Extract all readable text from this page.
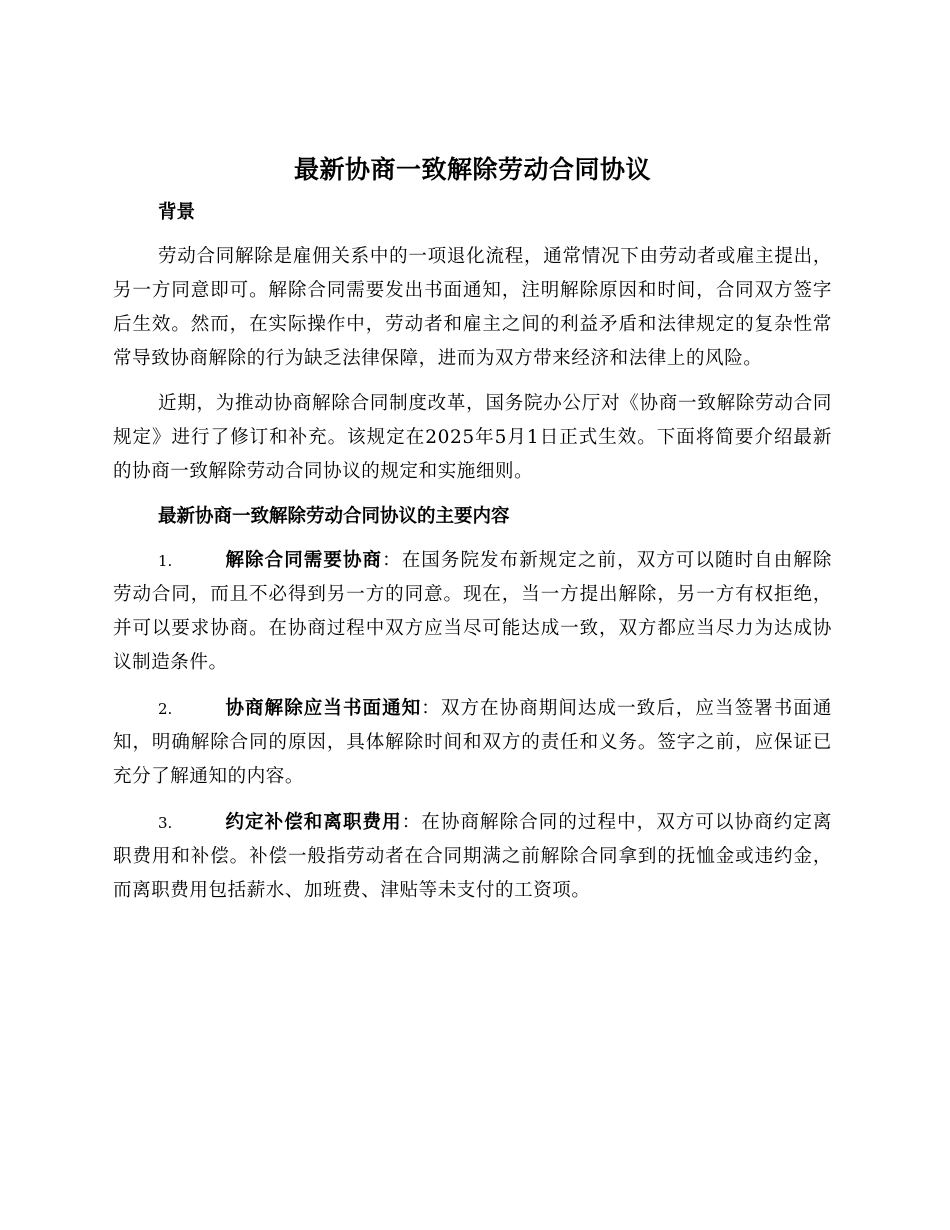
最新协商一致解除劳动合同协议
背景

劳动合同解除是雇佣关系中的一项退化流程，通常情况下由劳动者或雇主提出，另一方同意即可。解除合同需要发出书面通知，注明解除原因和时间，合同双方签字后生效。然而，在实际操作中，劳动者和雇主之间的利益矛盾和法律规定的复杂性常常导致协商解除的行为缺乏法律保障，进而为双方带来经济和法律上的风险。

近期，为推动协商解除合同制度改革，国务院办公厅对《协商一致解除劳动合同规定》进行了修订和补充。该规定在2025年5月1日正式生效。下面将简要介绍最新的协商一致解除劳动合同协议的规定和实施细则。

最新协商一致解除劳动合同协议的主要内容

1.	解除合同需要协商：在国务院发布新规定之前，双方可以随时自由解除劳动合同，而且不必得到另一方的同意。现在，当一方提出解除，另一方有权拒绝，并可以要求协商。在协商过程中双方应当尽可能达成一致，双方都应当尽力为达成协议制造条件。

2.	协商解除应当书面通知：双方在协商期间达成一致后，应当签署书面通知，明确解除合同的原因，具体解除时间和双方的责任和义务。签字之前，应保证已充分了解通知的内容。

3.	约定补偿和离职费用：在协商解除合同的过程中，双方可以协商约定离职费用和补偿。补偿一般指劳动者在合同期满之前解除合同拿到的抚恤金或违约金，而离职费用包括薪水、加班费、津贴等未支付的工资项。
